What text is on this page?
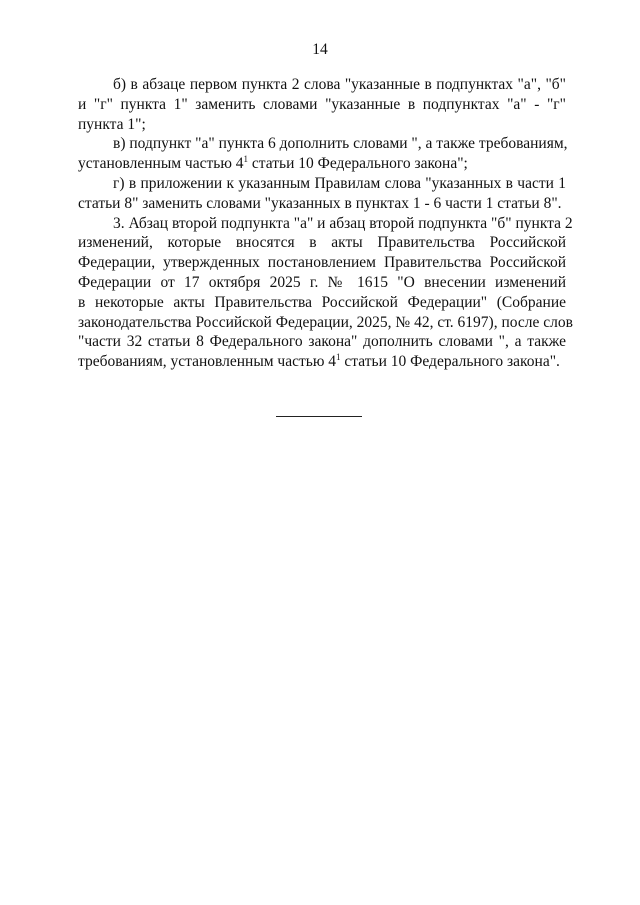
14
б) в абзаце первом пункта 2 слова "указанные в подпунктах "а", "б"
и "г" пункта 1" заменить словами "указанные в подпунктах "а" - "г"
пункта 1";
в) подпункт "а" пункта 6 дополнить словами ", а также требованиям,
установленным частью $4^1$ статьи 10 Федерального закона";
г) в приложении к указанным Правилам слова "указанных в части 1
статьи 8" заменить словами "указанных в пунктах 1 - 6 части 1 статьи 8".
3. Абзац второй подпункта "а" и абзац второй подпункта "б" пункта 2
изменений, которые вносятся в акты Правительства Российской
Федерации, утвержденных постановлением Правительства Российской
Федерации от 17 октября 2025 г. № 1615 "О внесении изменений
в некоторые акты Правительства Российской Федерации" (Собрание
законодательства Российской Федерации, 2025, № 42, ст. 6197), после слов
"части 32 статьи 8 Федерального закона" дополнить словами ", а также
требованиям, установленным частью $4^1$ статьи 10 Федерального закона".
